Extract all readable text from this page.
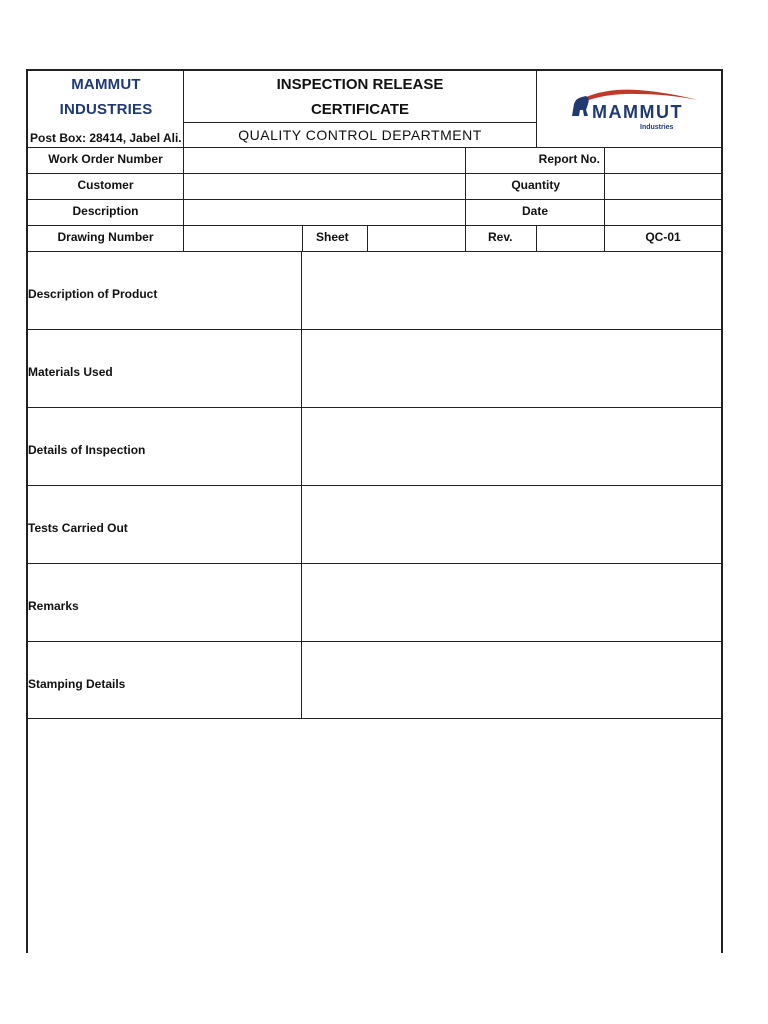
MAMMUT
INDUSTRIES
Post Box: 28414, Jabel Ali.
INSPECTION RELEASE
CERTIFICATE
QUALITY CONTROL DEPARTMENT
MAMMUT
Industries
Work Order Number	Report No.
Customer	Quantity
Description	Date
Drawing Number	Sheet	Rev.	QC-01
Description of Product
Materials Used
Details of Inspection
Tests Carried Out
Remarks
Stamping Details
